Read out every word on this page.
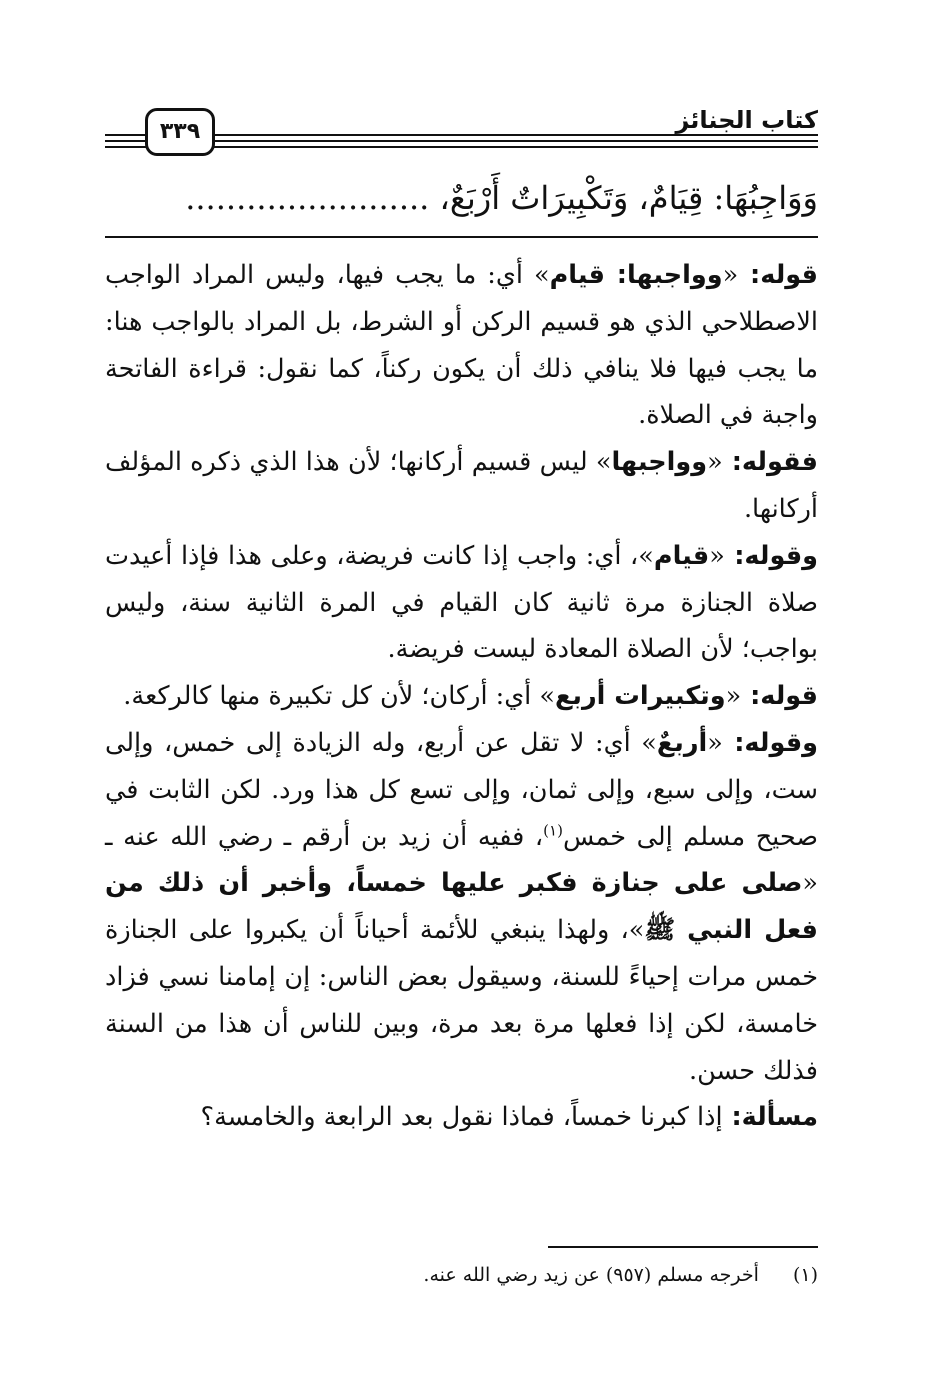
كتاب الجنائز
٣٣٩
وَوَاجِبُهَا: قِيَامٌ، وَتَكْبِيرَاتٌ أَرْبَعٌ، ........................

قوله: «وواجبها: قيام» أي: ما يجب فيها، وليس المراد الواجب الاصطلاحي الذي هو قسيم الركن أو الشرط، بل المراد بالواجب هنا: ما يجب فيها فلا ينافي ذلك أن يكون ركناً، كما نقول: قراءة الفاتحة واجبة في الصلاة.

فقوله: «وواجبها» ليس قسيم أركانها؛ لأن هذا الذي ذكره المؤلف أركانها.

وقوله: «قيام»، أي: واجب إذا كانت فريضة، وعلى هذا فإذا أعيدت صلاة الجنازة مرة ثانية كان القيام في المرة الثانية سنة، وليس بواجب؛ لأن الصلاة المعادة ليست فريضة.

قوله: «وتكبيرات أربع» أي: أركان؛ لأن كل تكبيرة منها كالركعة.

وقوله: «أربعٌ» أي: لا تقل عن أربع، وله الزيادة إلى خمس، وإلى ست، وإلى سبع، وإلى ثمان، وإلى تسع كل هذا ورد. لكن الثابت في صحيح مسلم إلى خمس$^{(١)}$، ففيه أن زيد بن أرقم ـ رضي الله عنه ـ «صلى على جنازة فكبر عليها خمساً، وأخبر أن ذلك من فعل النبي ﷺ»، ولهذا ينبغي للأئمة أحياناً أن يكبروا على الجنازة خمس مرات إحياءً للسنة، وسيقول بعض الناس: إن إمامنا نسي فزاد خامسة، لكن إذا فعلها مرة بعد مرة، وبين للناس أن هذا من السنة فذلك حسن.

مسألة: إذا كبرنا خمساً، فماذا نقول بعد الرابعة والخامسة؟

(١) أخرجه مسلم (٩٥٧) عن زيد رضي الله عنه.
